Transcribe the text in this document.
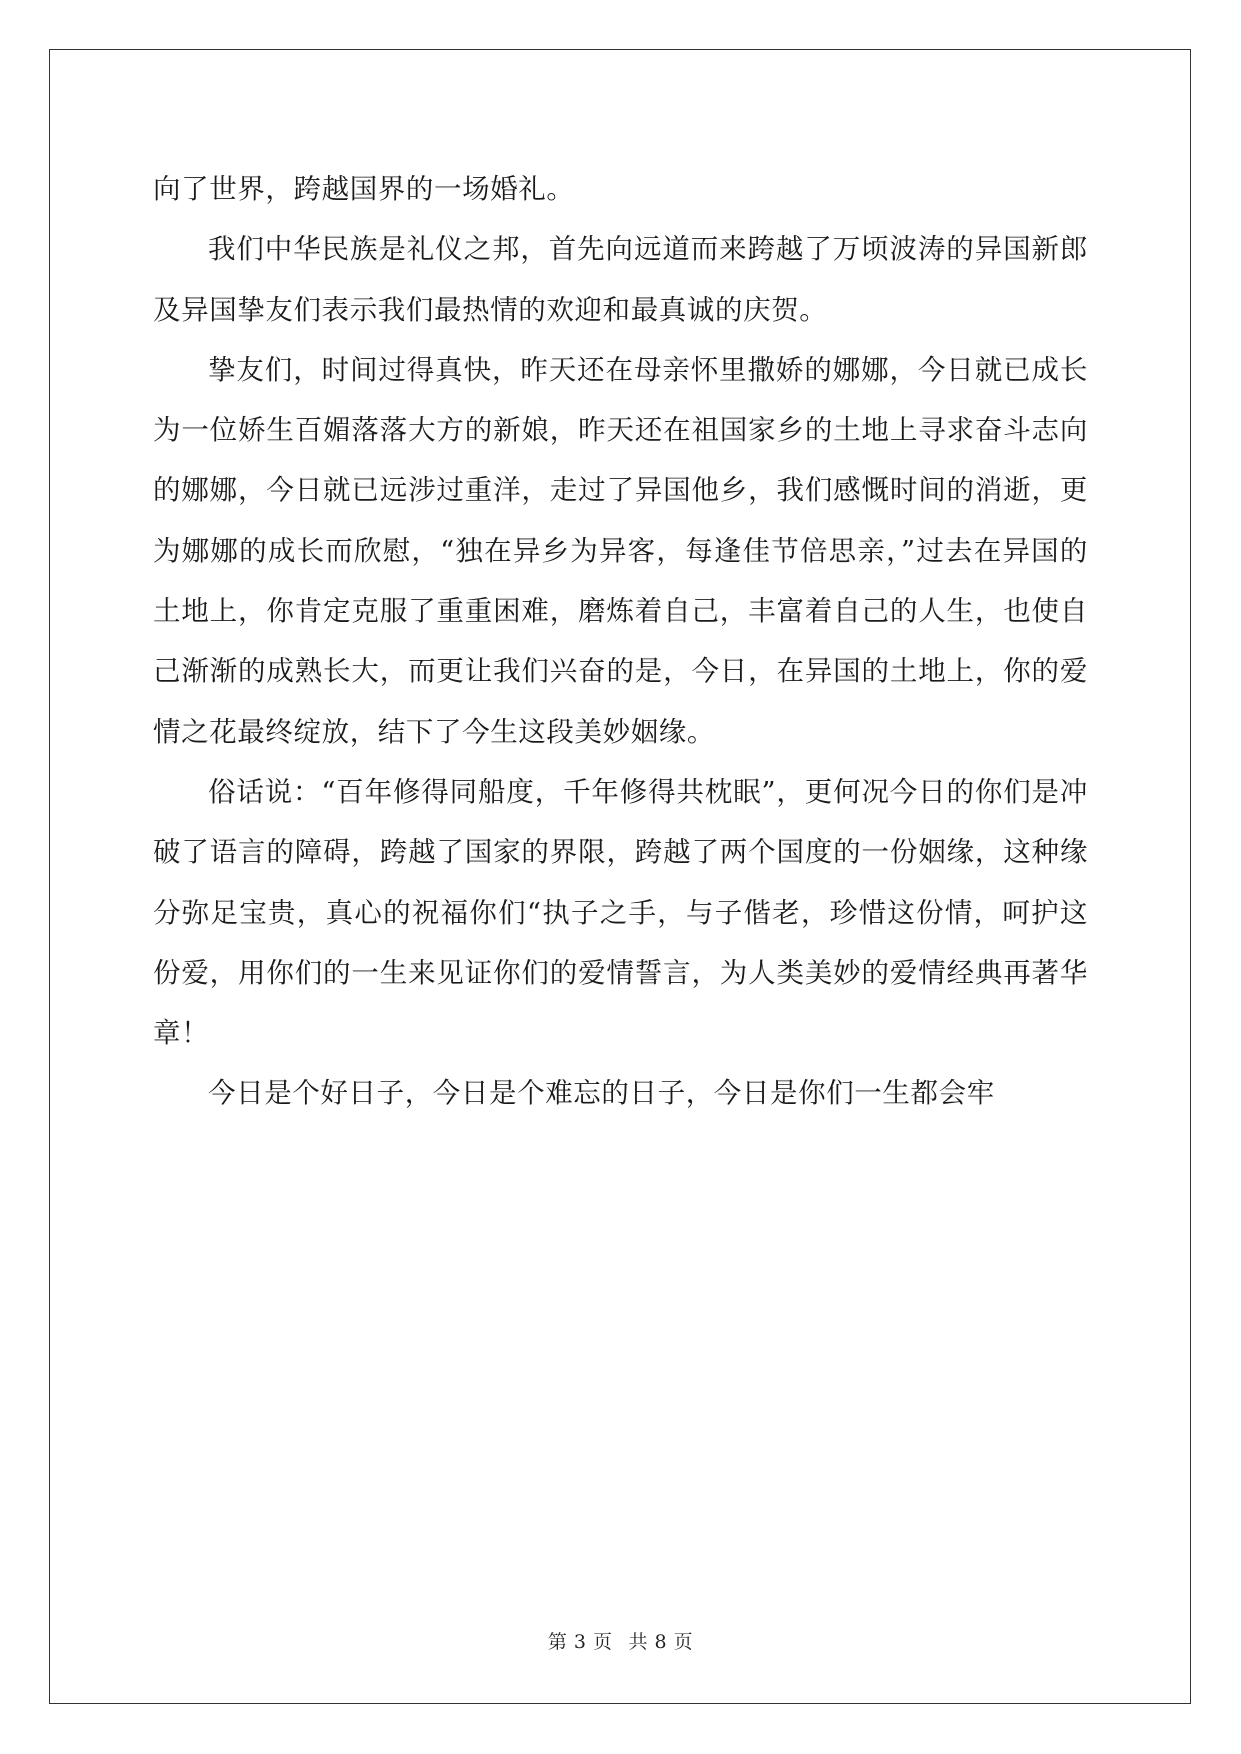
向了世界，跨越国界的一场婚礼。

我们中华民族是礼仪之邦，首先向远道而来跨越了万顷波涛的异国新郎及异国挚友们表示我们最热情的欢迎和最真诚的庆贺。

挚友们，时间过得真快，昨天还在母亲怀里撒娇的娜娜，今日就已成长为一位娇生百媚落落大方的新娘，昨天还在祖国家乡的土地上寻求奋斗志向的娜娜，今日就已远涉过重洋，走过了异国他乡，我们感慨时间的消逝，更为娜娜的成长而欣慰，“独在异乡为异客，每逢佳节倍思亲，”过去在异国的土地上，你肯定克服了重重困难，磨炼着自己，丰富着自己的人生，也使自己渐渐的成熟长大，而更让我们兴奋的是，今日，在异国的土地上，你的爱情之花最终绽放，结下了今生这段美妙姻缘。

俗话说：“百年修得同船度，千年修得共枕眠”，更何况今日的你们是冲破了语言的障碍，跨越了国家的界限，跨越了两个国度的一份姻缘，这种缘分弥足宝贵，真心的祝福你们“执子之手，与子偕老，珍惜这份情，呵护这份爱，用你们的一生来见证你们的爱情誓言，为人类美妙的爱情经典再著华章！

今日是个好日子，今日是个难忘的日子，今日是你们一生都会牢

第 3 页 共 8 页
